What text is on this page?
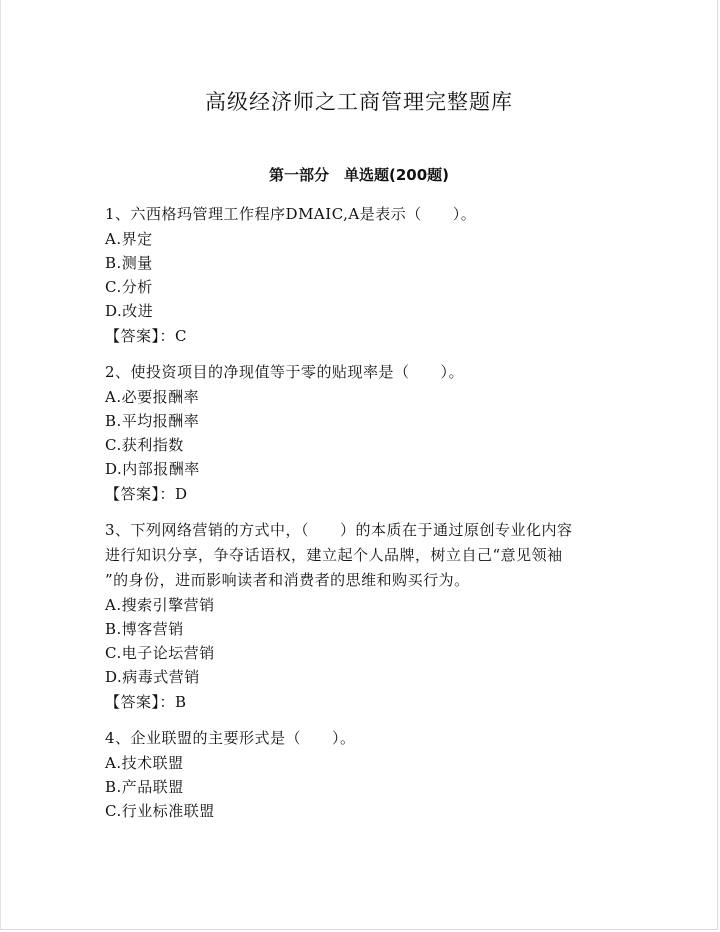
高级经济师之工商管理完整题库
第一部分　单选题(200题)
1、六西格玛管理工作程序DMAIC,A是表示（　　）。
A.界定
B.测量
C.分析
D.改进
【答案】：C
2、使投资项目的净现值等于零的贴现率是（　　）。
A.必要报酬率
B.平均报酬率
C.获利指数
D.内部报酬率
【答案】：D
3、下列网络营销的方式中，（　　）的本质在于通过原创专业化内容
进行知识分享，争夺话语权，建立起个人品牌，树立自己“意见领袖
”的身份，进而影响读者和消费者的思维和购买行为。
A.搜索引擎营销
B.博客营销
C.电子论坛营销
D.病毒式营销
【答案】：B
4、企业联盟的主要形式是（　　）。
A.技术联盟
B.产品联盟
C.行业标准联盟
